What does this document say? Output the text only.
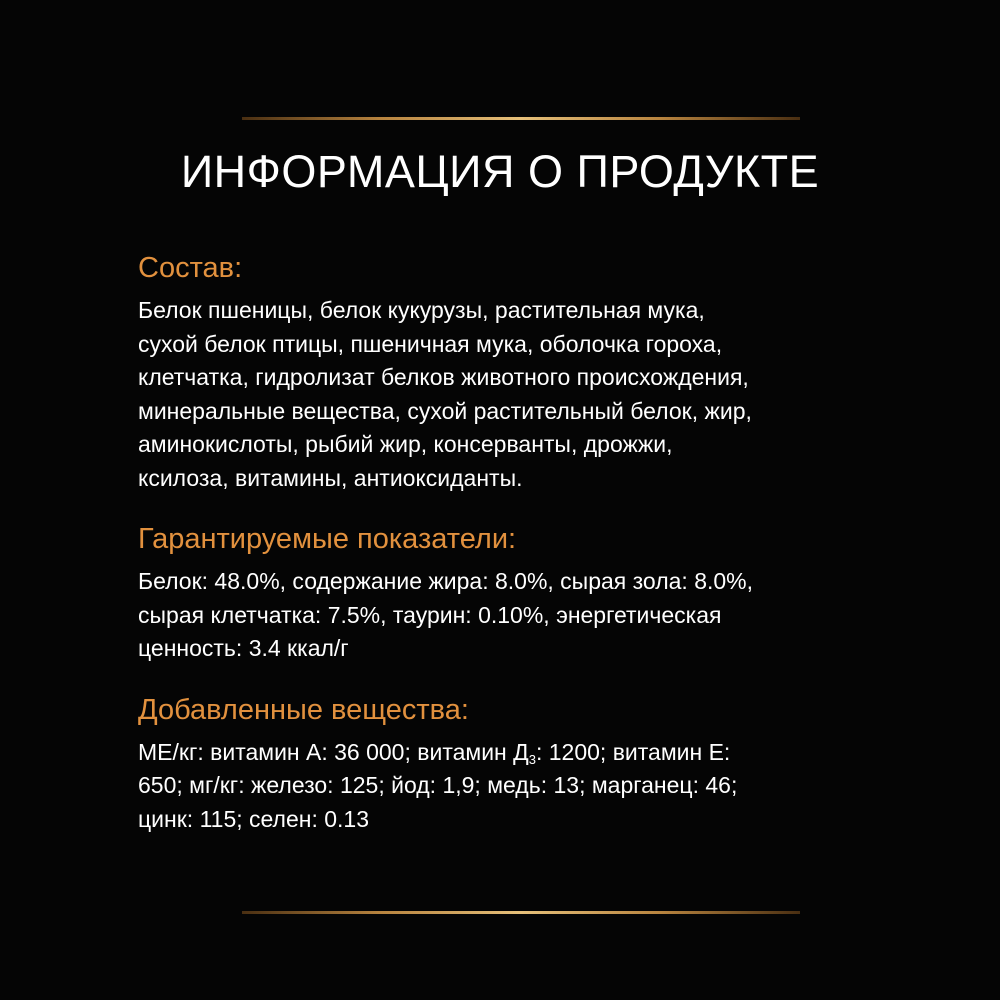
ИНФОРМАЦИЯ О ПРОДУКТЕ
Состав:
Белок пшеницы, белок кукурузы, растительная мука,
сухой белок птицы, пшеничная мука, оболочка гороха,
клетчатка, гидролизат белков животного происхождения,
минеральные вещества, сухой растительный белок, жир,
аминокислоты, рыбий жир, консерванты, дрожжи,
ксилоза, витамины, антиоксиданты.
Гарантируемые показатели:
Белок: 48.0%, содержание жира: 8.0%, сырая зола: 8.0%,
сырая клетчатка: 7.5%, таурин: 0.10%, энергетическая
ценность: 3.4 ккал/г
Добавленные вещества:
МЕ/кг: витамин А: 36 000; витамин $Д_3$: 1200; витамин Е:
650; мг/кг: железо: 125; йод: 1,9; медь: 13; марганец: 46;
цинк: 115; селен: 0.13
